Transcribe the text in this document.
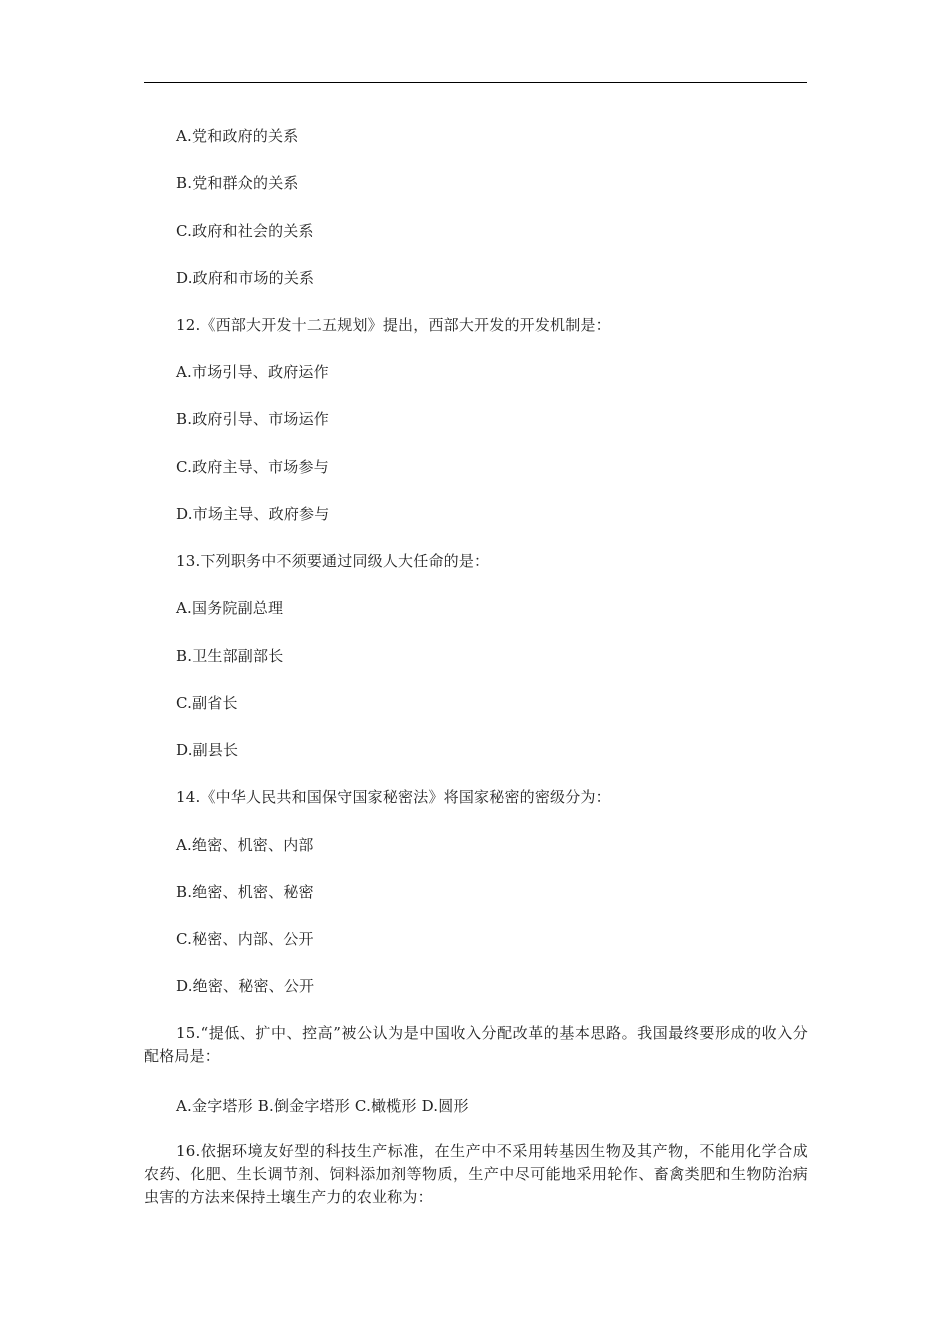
A.党和政府的关系
B.党和群众的关系
C.政府和社会的关系
D.政府和市场的关系
12.《西部大开发十二五规划》提出，西部大开发的开发机制是：
A.市场引导、政府运作
B.政府引导、市场运作
C.政府主导、市场参与
D.市场主导、政府参与
13.下列职务中不须要通过同级人大任命的是：
A.国务院副总理
B.卫生部副部长
C.副省长
D.副县长
14.《中华人民共和国保守国家秘密法》将国家秘密的密级分为：
A.绝密、机密、内部
B.绝密、机密、秘密
C.秘密、内部、公开
D.绝密、秘密、公开
15.“提低、扩中、控高”被公认为是中国收入分配改革的基本思路。我国最终要形成的收入分配格局是：
A.金字塔形 B.倒金字塔形 C.橄榄形 D.圆形
16.依据环境友好型的科技生产标准，在生产中不采用转基因生物及其产物，不能用化学合成农药、化肥、生长调节剂、饲料添加剂等物质，生产中尽可能地采用轮作、畜禽类肥和生物防治病虫害的方法来保持土壤生产力的农业称为：
